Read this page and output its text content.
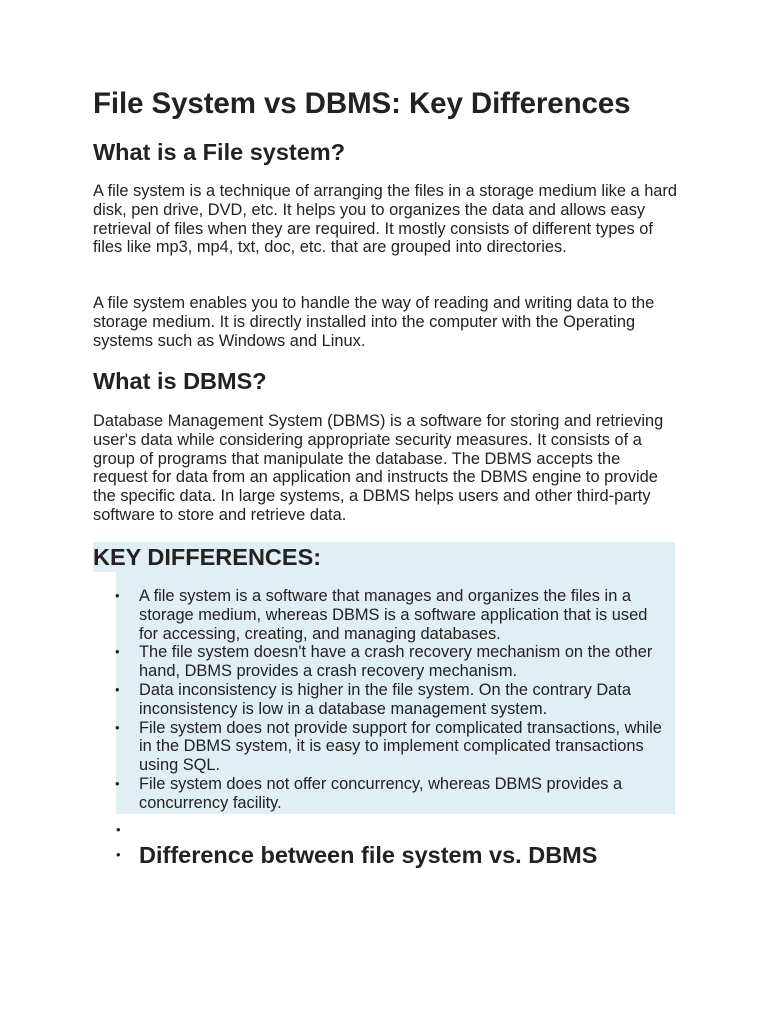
File System vs DBMS: Key Differences
What is a File system?

A file system is a technique of arranging the files in a storage medium like a hard disk, pen drive, DVD, etc. It helps you to organizes the data and allows easy retrieval of files when they are required. It mostly consists of different types of files like mp3, mp4, txt, doc, etc. that are grouped into directories.

A file system enables you to handle the way of reading and writing data to the storage medium. It is directly installed into the computer with the Operating systems such as Windows and Linux.

What is DBMS?

Database Management System (DBMS) is a software for storing and retrieving user's data while considering appropriate security measures. It consists of a group of programs that manipulate the database. The DBMS accepts the request for data from an application and instructs the DBMS engine to provide the specific data. In large systems, a DBMS helps users and other third-party software to store and retrieve data.

KEY DIFFERENCES:
• A file system is a software that manages and organizes the files in a storage medium, whereas DBMS is a software application that is used for accessing, creating, and managing databases.
• The file system doesn't have a crash recovery mechanism on the other hand, DBMS provides a crash recovery mechanism.
• Data inconsistency is higher in the file system. On the contrary Data inconsistency is low in a database management system.
• File system does not provide support for complicated transactions, while in the DBMS system, it is easy to implement complicated transactions using SQL.
• File system does not offer concurrency, whereas DBMS provides a concurrency facility.
•
• Difference between file system vs. DBMS
